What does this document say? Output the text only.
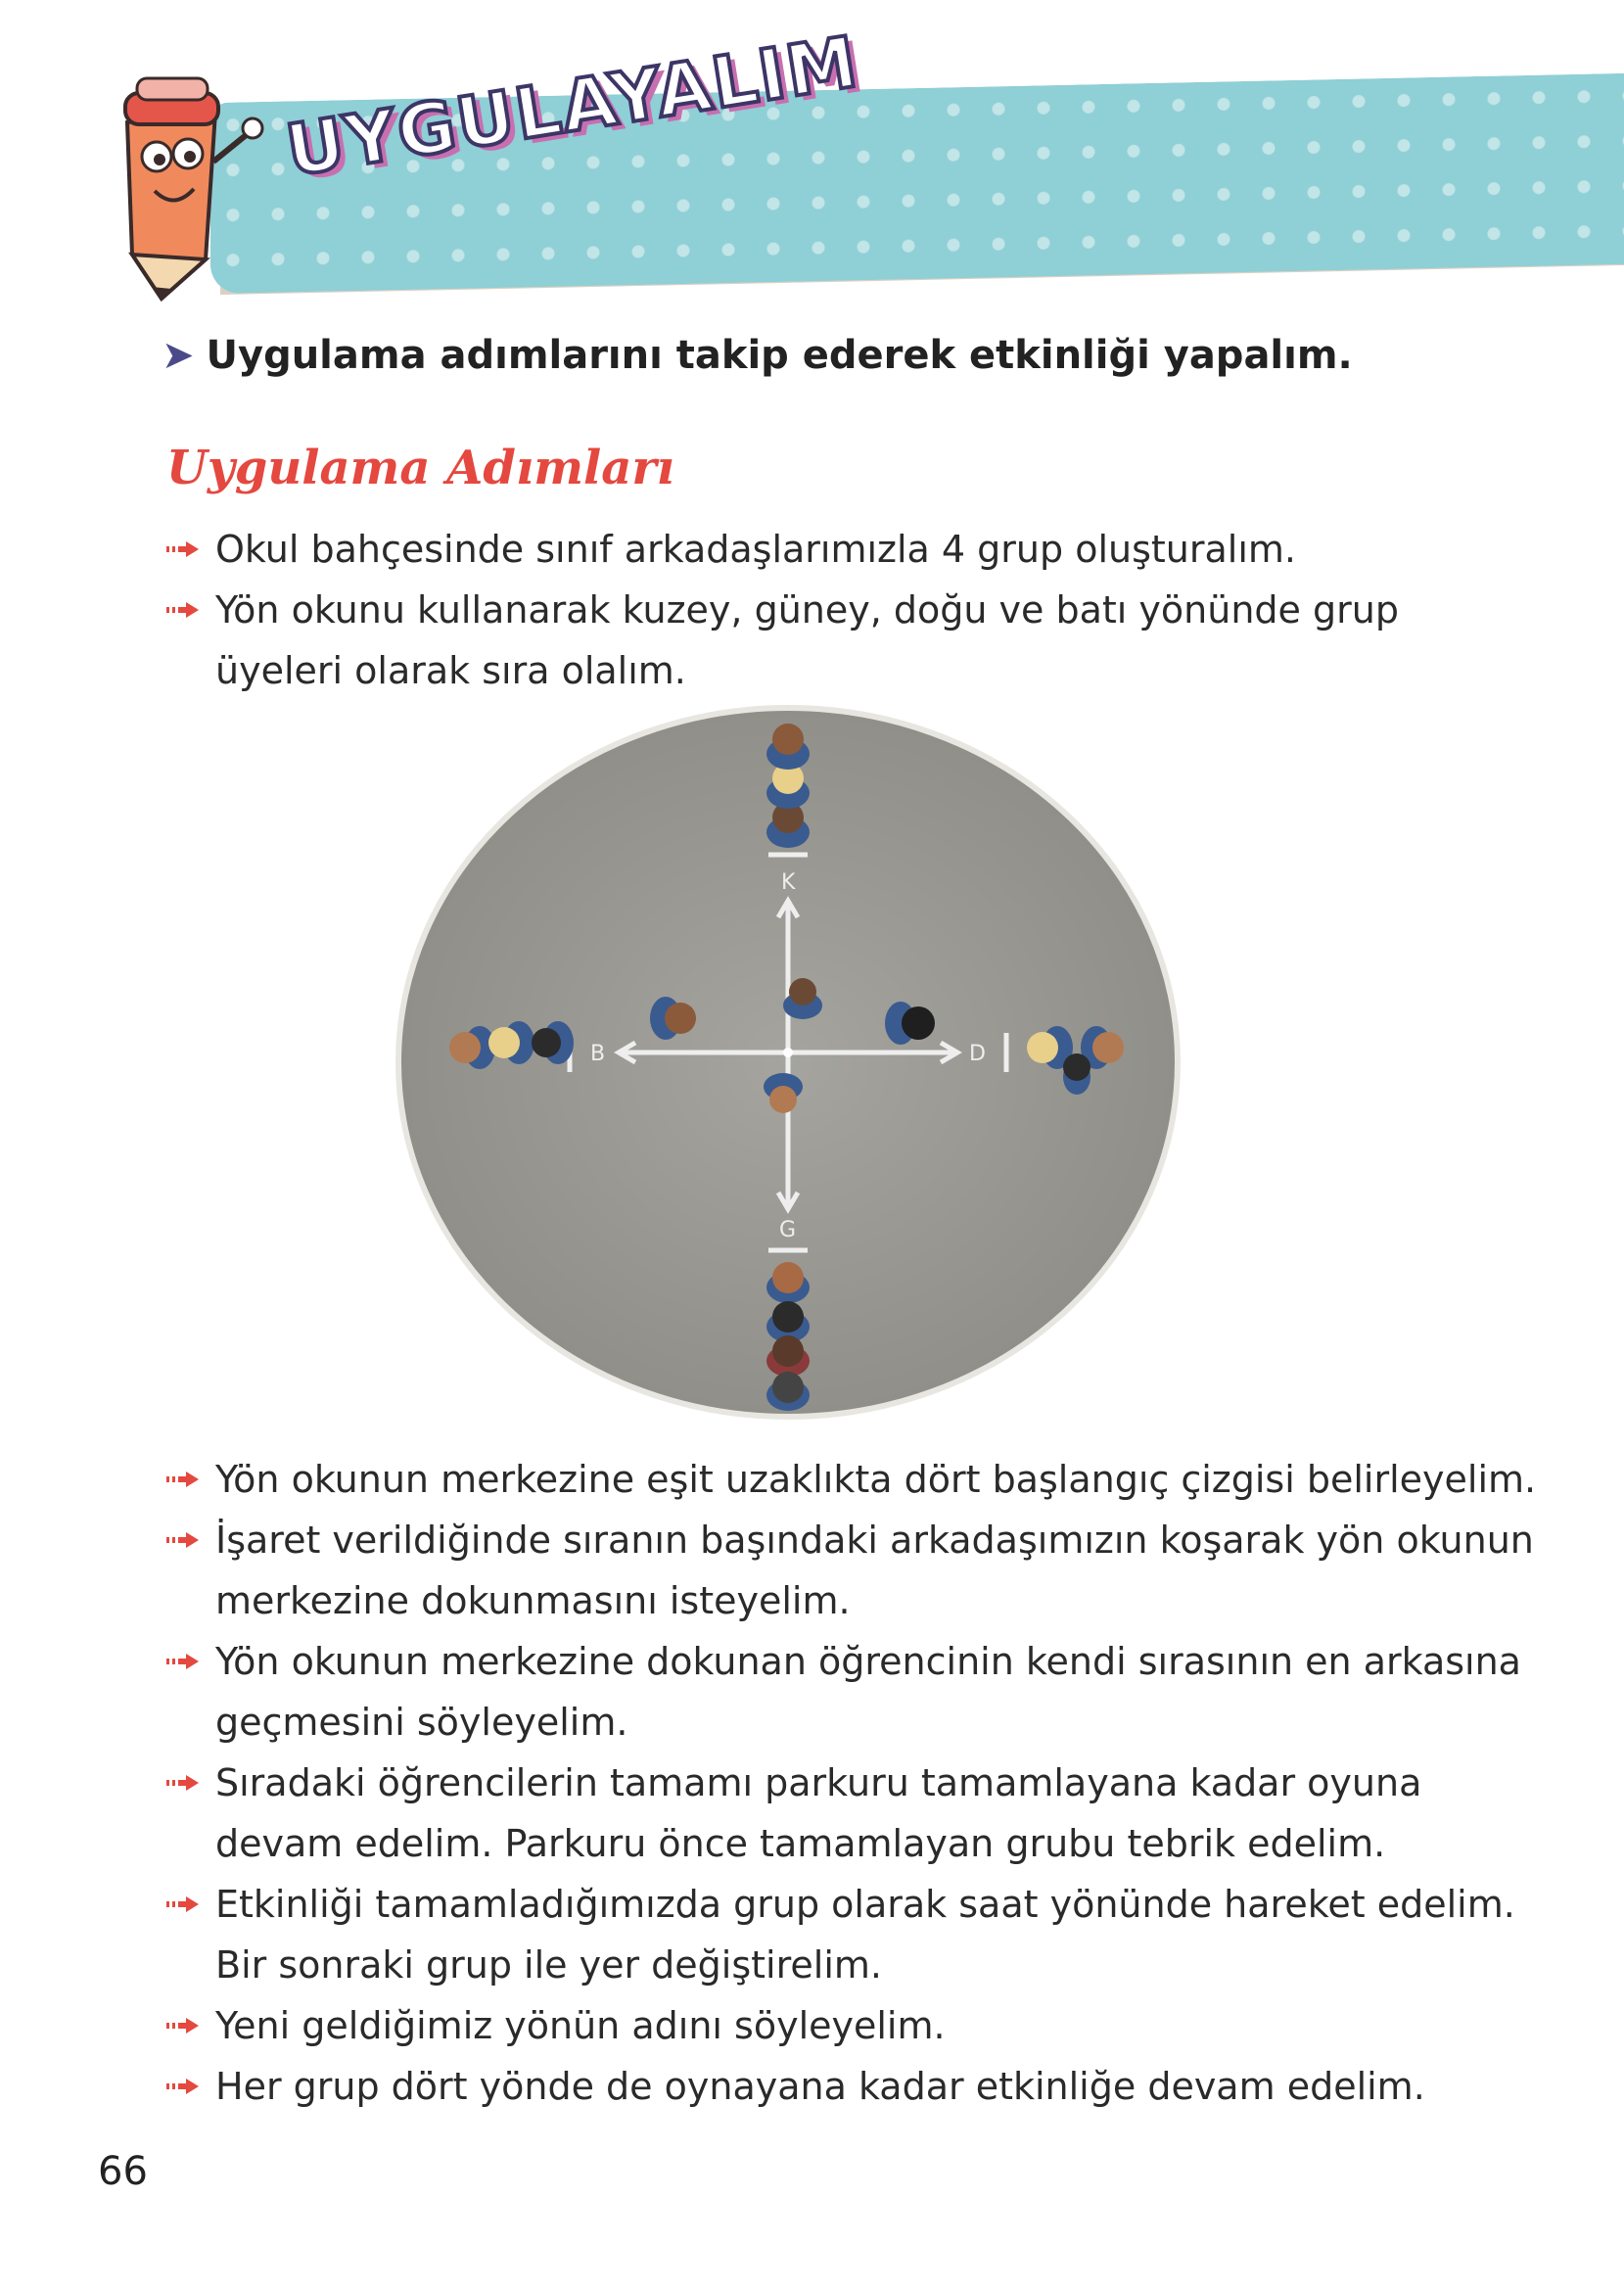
UYGULAYALIM
➤ Uygulama adımlarını takip ederek etkinliği yapalım.
Uygulama Adımları
Okul bahçesinde sınıf arkadaşlarımızla 4 grup oluşturalım.
Yön okunu kullanarak kuzey, güney, doğu ve batı yönünde grup üyeleri olarak sıra olalım.
K
G
D
B
Yön okunun merkezine eşit uzaklıkta dört başlangıç çizgisi belirleyelim.
İşaret verildiğinde sıranın başındaki arkadaşımızın koşarak yön okunun merkezine dokunmasını isteyelim.
Yön okunun merkezine dokunan öğrencinin kendi sırasının en arkasına geçmesini söyleyelim.
Sıradaki öğrencilerin tamamı parkuru tamamlayana kadar oyuna devam edelim. Parkuru önce tamamlayan grubu tebrik edelim.
Etkinliği tamamladığımızda grup olarak saat yönünde hareket edelim. Bir sonraki grup ile yer değiştirelim.
Yeni geldiğimiz yönün adını söyleyelim.
Her grup dört yönde de oynayana kadar etkinliğe devam edelim.
66
